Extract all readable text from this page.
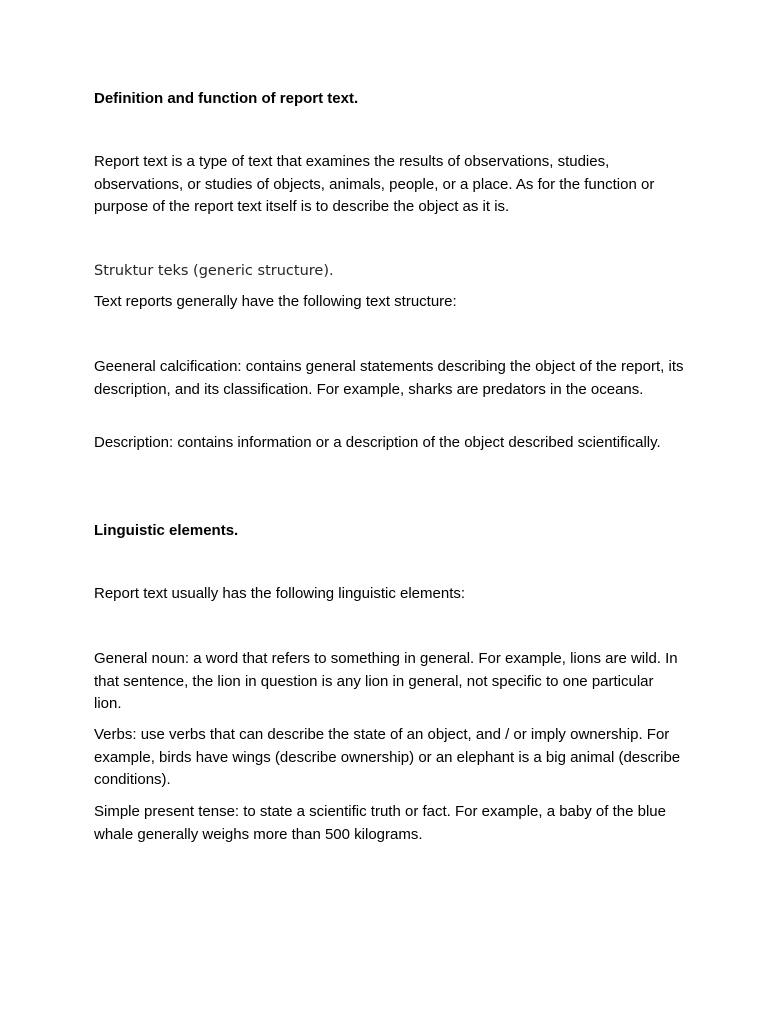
Definition and function of report text.

Report text is a type of text that examines the results of observations, studies, observations, or studies of objects, animals, people, or a place. As for the function or purpose of the report text itself is to describe the object as it is.

Struktur teks (generic structure).

Text reports generally have the following text structure:

Geeneral calcification: contains general statements describing the object of the report, its description, and its classification. For example, sharks are predators in the oceans.

Description: contains information or a description of the object described scientifically.

Linguistic elements.

Report text usually has the following linguistic elements:

General noun: a word that refers to something in general. For example, lions are wild. In that sentence, the lion in question is any lion in general, not specific to one particular lion.

Verbs: use verbs that can describe the state of an object, and / or imply ownership. For example, birds have wings (describe ownership) or an elephant is a big animal (describe conditions).

Simple present tense: to state a scientific truth or fact. For example, a baby of the blue whale generally weighs more than 500 kilograms.
